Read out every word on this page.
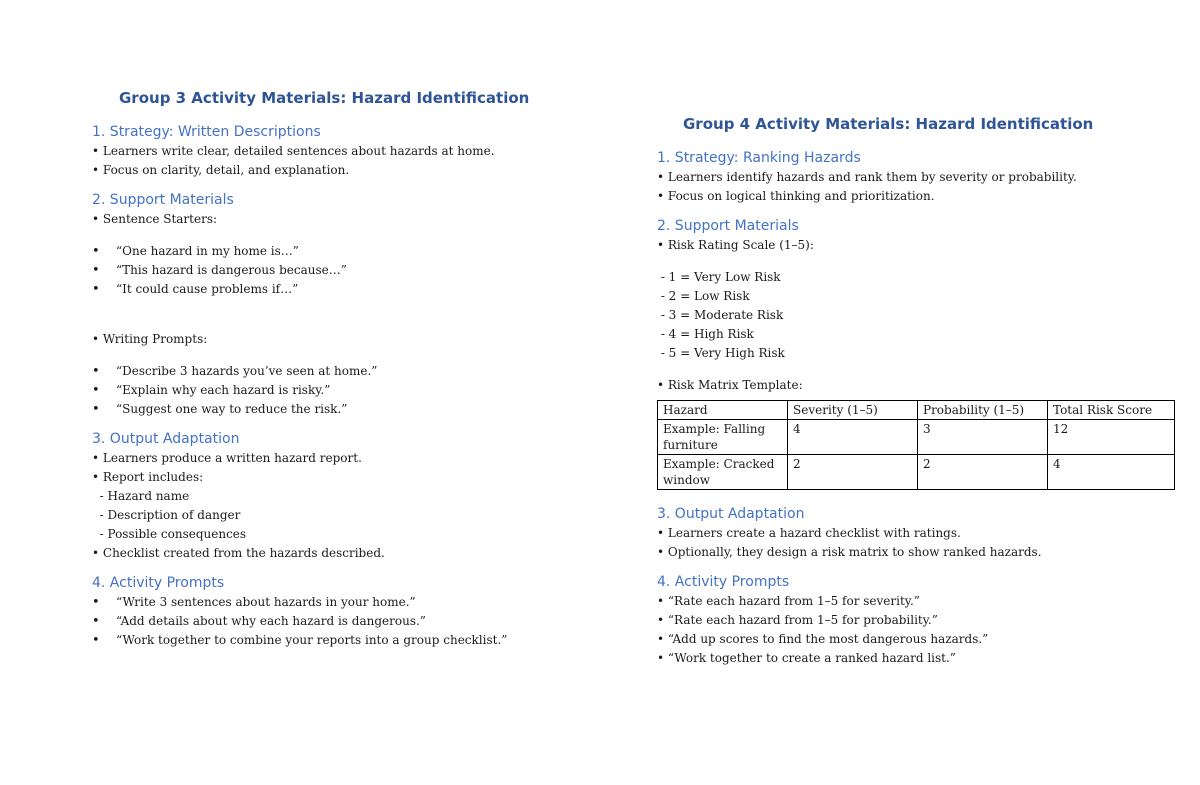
Group 3 Activity Materials: Hazard Identification
1. Strategy: Written Descriptions

• Learners write clear, detailed sentences about hazards at home.

• Focus on clarity, detail, and explanation.

2. Support Materials

• Sentence Starters:

• “One hazard in my home is…”
• “This hazard is dangerous because…”
• “It could cause problems if…”

• Writing Prompts:

• “Describe 3 hazards you’ve seen at home.”
• “Explain why each hazard is risky.”
• “Suggest one way to reduce the risk.”
3. Output Adaptation

• Learners produce a written hazard report.

• Report includes:

- Hazard name

- Description of danger

- Possible consequences

• Checklist created from the hazards described.

4. Activity Prompts
• “Write 3 sentences about hazards in your home.”
• “Add details about why each hazard is dangerous.”
• “Work together to combine your reports into a group checklist.”
Group 4 Activity Materials: Hazard Identification
1. Strategy: Ranking Hazards

• Learners identify hazards and rank them by severity or probability.

• Focus on logical thinking and prioritization.

2. Support Materials

• Risk Rating Scale (1–5):

- 1 = Very Low Risk

- 2 = Low Risk

- 3 = Moderate Risk

- 4 = High Risk

- 5 = Very High Risk

• Risk Matrix Template:

Hazard	Severity (1–5)	Probability (1–5)	Total Risk Score
Example: Falling furniture	4	3	12
Example: Cracked window	2	2	4
3. Output Adaptation

• Learners create a hazard checklist with ratings.

• Optionally, they design a risk matrix to show ranked hazards.

4. Activity Prompts

• “Rate each hazard from 1–5 for severity.”

• “Rate each hazard from 1–5 for probability.”

• “Add up scores to find the most dangerous hazards.”

• “Work together to create a ranked hazard list.”
